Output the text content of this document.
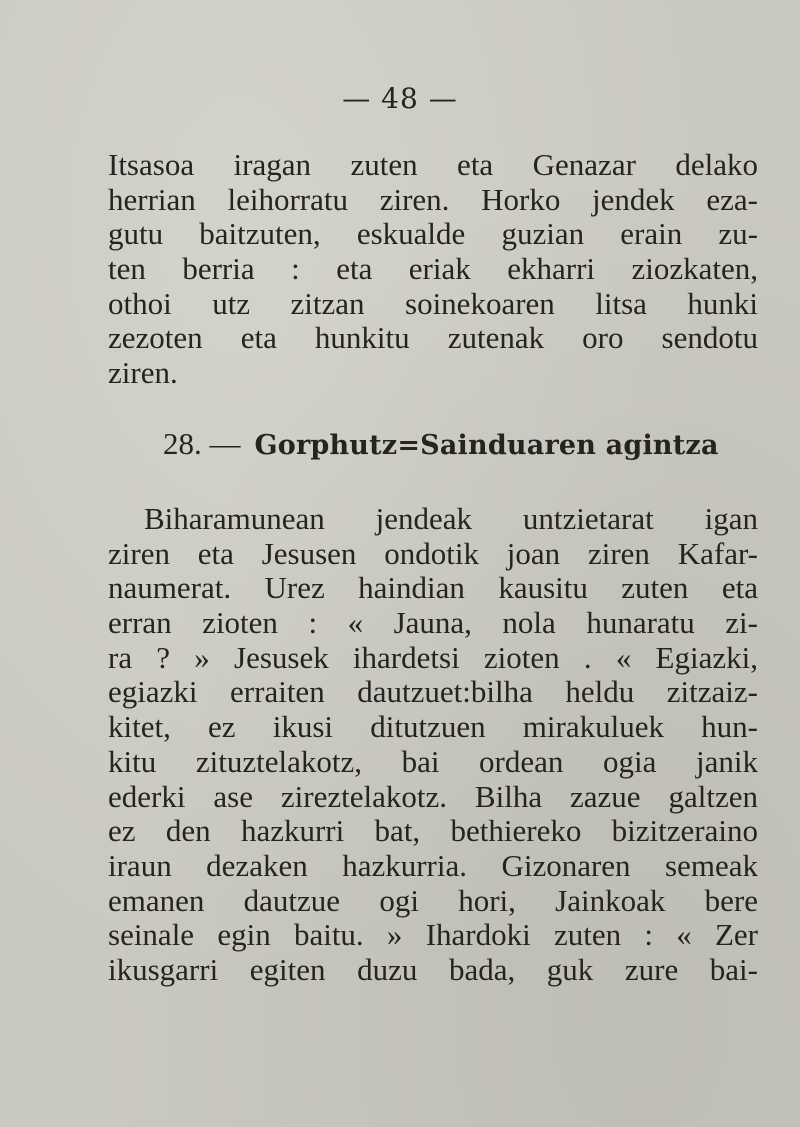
— 48 —
Itsasoa iragan zuten eta Genazar delako
herrian leihorratu ziren. Horko jendek eza-
gutu baitzuten, eskualde guzian erain zu-
ten berria : eta eriak ekharri ziozkaten,
othoi utz zitzan soinekoaren litsa hunki
zezoten eta hunkitu zutenak oro sendotu
ziren.
28. — Gorphutz=Sainduaren agintza
Biharamunean jendeak untzietarat igan
ziren eta Jesusen ondotik joan ziren Kafar-
naumerat. Urez haindian kausitu zuten eta
erran zioten : « Jauna, nola hunaratu zi-
ra ? » Jesusek ihardetsi zioten . « Egiazki,
egiazki erraiten dautzuet:bilha heldu zitzaiz-
kitet, ez ikusi ditutzuen mirakuluek hun-
kitu zituztelakotz, bai ordean ogia janik
ederki ase zireztelakotz. Bilha zazue galtzen
ez den hazkurri bat, bethiereko bizitzeraino
iraun dezaken hazkurria. Gizonaren semeak
emanen dautzue ogi hori, Jainkoak bere
seinale egin baitu. » Ihardoki zuten : « Zer
ikusgarri egiten duzu bada, guk zure bai-
